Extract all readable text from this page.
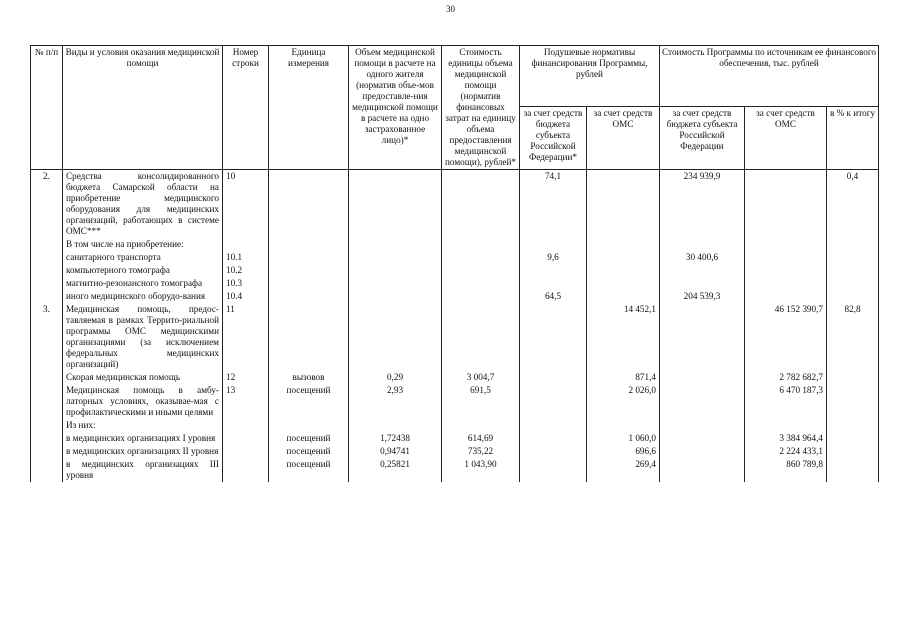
30
№ п/п	Виды и условия оказания медицинской помощи	Номер строки	Единица измерения	Объем медицинской помощи в расчете на одного жителя (норматив объе-мов предоставле-ния медицинской помощи в расчете на одно застрахованное лицо)*	Стоимость единицы объема медицинской помощи (норматив финансовых затрат на единицу объема предоставления медицинской помощи), рублей*	Подушевые нормативы финансирования Программы, рублей		Стоимость Программы по источникам ее финансового обеспечения, тыс. рублей		
						за счет средств бюджета субъекта Российской Федерации*	за счет средств ОМС	за счет средств бюджета субъекта Российской Федерации	за счет средств ОМС	в % к итогу
2.	Средства консолидированного бюджета Самарской области на приобретение медицинского оборудования для медицинских организаций, работающих в системе ОМС***	10				74,1		234 939,9		0,4
	В том числе на приобретение:									
	санитарного транспорта	10.1				9,6		30 400,6		
	компьютерного томографа	10.2								
	магнитно-резонансного томографа	10.3								
	иного медицинского оборудо-вания	10.4				64,5		204 539,3		
3.	Медицинская помощь, предос-тавляемая в рамках Террито-риальной программы ОМС медицинскими организациями (за исключением федеральных медицинских организаций)	11					14 452,1		46 152 390,7	82,8
	Скорая медицинская помощь	12	вызовов	0,29	3 004,7		871,4		2 782 682,7	
	Медицинская помощь в амбу-латорных условиях, оказывае-мая с профилактическими и иными целями	13	посещений	2,93	691,5		2 026,0		6 470 187,3	
	Из них:									
	в медицинских организациях I уровня		посещений	1,72438	614,69		1 060,0		3 384 964,4	
	в медицинских организациях II уровня		посещений	0,94741	735,22		696,6		2 224 433,1	
	в медицинских организациях III уровня		посещений	0,25821	1 043,90		269,4		860 789,8	
